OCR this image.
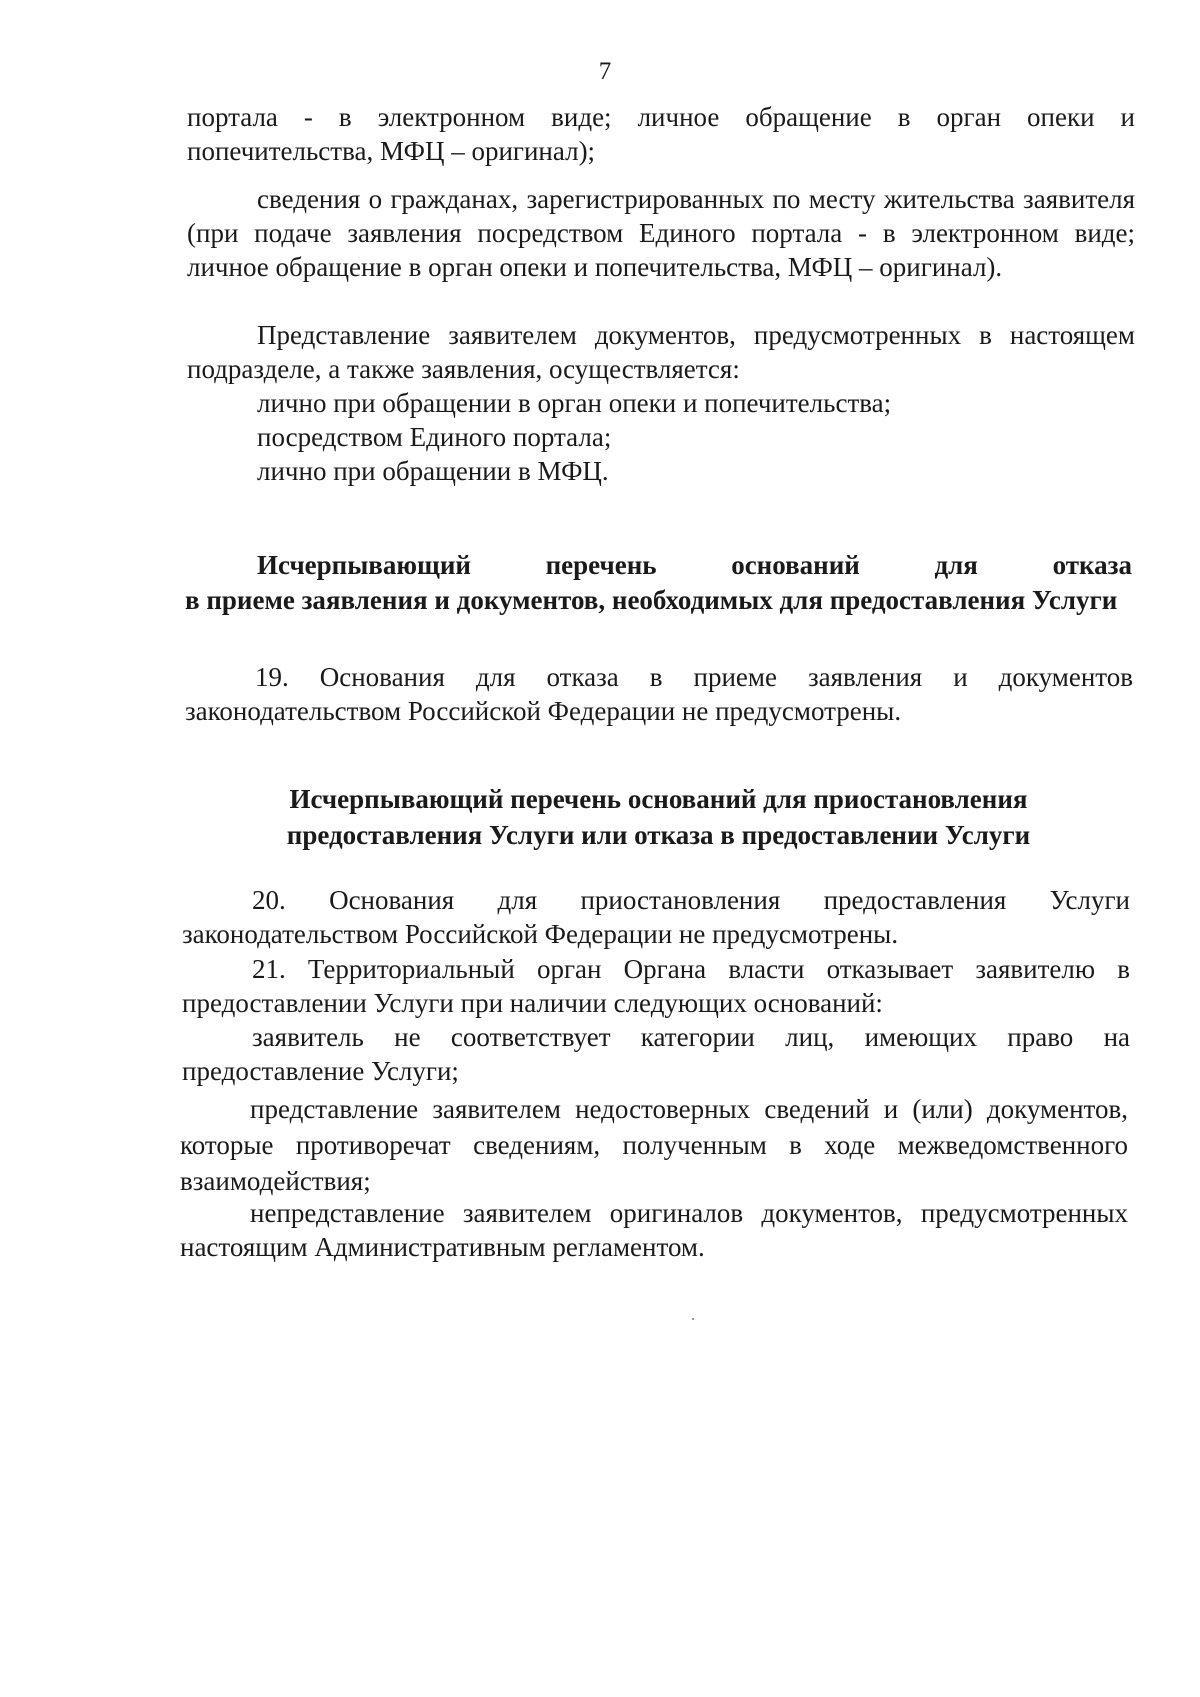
7

портала - в электронном виде; личное обращение в орган опеки и попечительства, МФЦ – оригинал);

сведения о гражданах, зарегистрированных по месту жительства заявителя (при подаче заявления посредством Единого портала - в электронном виде; личное обращение в орган опеки и попечительства, МФЦ – оригинал).

Представление заявителем документов, предусмотренных в настоящем подразделе, а также заявления, осуществляется:

лично при обращении в орган опеки и попечительства;

посредством Единого портала;

лично при обращении в МФЦ.

Исчерпывающий перечень оснований для отказа
в приеме заявления и документов, необходимых для предоставления Услуги

19. Основания для отказа в приеме заявления и документов законодательством Российской Федерации не предусмотрены.

Исчерпывающий перечень оснований для приостановления
предоставления Услуги или отказа в предоставлении Услуги

20. Основания для приостановления предоставления Услуги законодательством Российской Федерации не предусмотрены.

21. Территориальный орган Органа власти отказывает заявителю в предоставлении Услуги при наличии следующих оснований:

заявитель не соответствует категории лиц, имеющих право на предоставление Услуги;

представление заявителем недостоверных сведений и (или) документов, которые противоречат сведениям, полученным в ходе межведомственного взаимодействия;

непредставление заявителем оригиналов документов, предусмотренных настоящим Административным регламентом.
